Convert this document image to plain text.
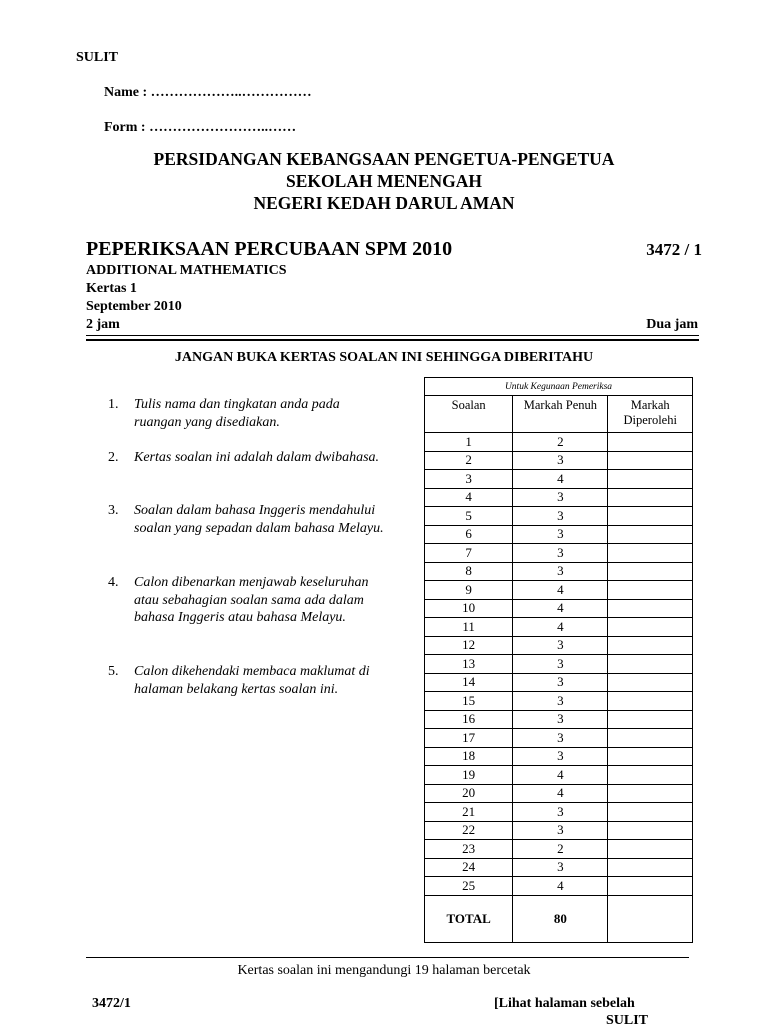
SULIT
Name : ………………..……………
Form : ……………………..……
PERSIDANGAN KEBANGSAAN PENGETUA-PENGETUA
SEKOLAH MENENGAH
NEGERI KEDAH DARUL AMAN
PEPERIKSAAN PERCUBAAN SPM 2010	3472 / 1
ADDITIONAL MATHEMATICS
Kertas 1
September 2010
2 jam	Dua jam
JANGAN BUKA KERTAS SOALAN INI SEHINGGA DIBERITAHU
1. Tulis nama dan tingkatan anda pada ruangan yang disediakan.
2. Kertas soalan ini adalah dalam dwibahasa.
3. Soalan dalam bahasa Inggeris mendahului soalan yang sepadan dalam bahasa Melayu.
4. Calon dibenarkan menjawab keseluruhan atau sebahagian soalan sama ada dalam bahasa Inggeris atau bahasa Melayu.
5. Calon dikehendaki membaca maklumat di halaman belakang kertas soalan ini.
Untuk Kegunaan Pemeriksa		
Soalan	Markah Penuh	Markah Diperolehi
1	2	
2	3	
3	4	
4	3	
5	3	
6	3	
7	3	
8	3	
9	4	
10	4	
11	4	
12	3	
13	3	
14	3	
15	3	
16	3	
17	3	
18	3	
19	4	
20	4	
21	3	
22	3	
23	2	
24	3	
25	4	
TOTAL	80	
Kertas soalan ini mengandungi 19 halaman bercetak
3472/1	[Lihat halaman sebelah
SULIT
